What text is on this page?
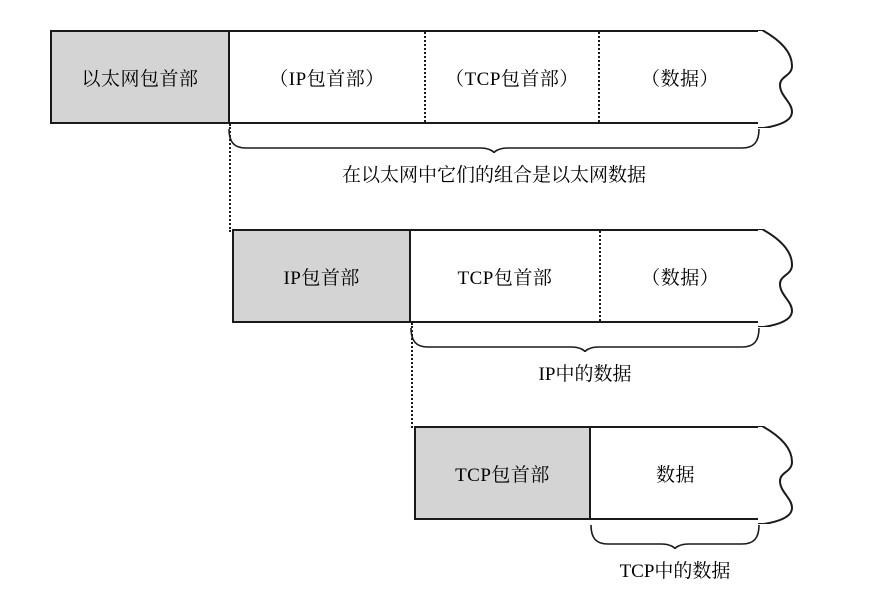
以太网包首部	（IP包首部）	（TCP包首部）	（数据）
在以太网中它们的组合是以太网数据
IP包首部	TCP包首部	（数据）
IP中的数据
TCP包首部	数据
TCP中的数据
